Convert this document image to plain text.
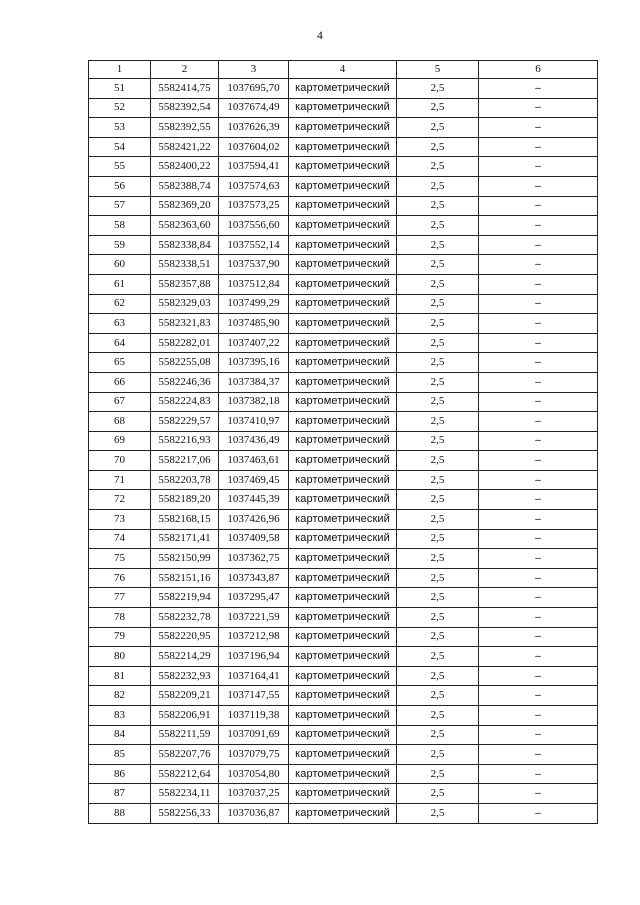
4
1	2	3	4	5	6
51	5582414,75	1037695,70	картометрический	2,5	–
52	5582392,54	1037674,49	картометрический	2,5	–
53	5582392,55	1037626,39	картометрический	2,5	–
54	5582421,22	1037604,02	картометрический	2,5	–
55	5582400,22	1037594,41	картометрический	2,5	–
56	5582388,74	1037574,63	картометрический	2,5	–
57	5582369,20	1037573,25	картометрический	2,5	–
58	5582363,60	1037556,60	картометрический	2,5	–
59	5582338,84	1037552,14	картометрический	2,5	–
60	5582338,51	1037537,90	картометрический	2,5	–
61	5582357,88	1037512,84	картометрический	2,5	–
62	5582329,03	1037499,29	картометрический	2,5	–
63	5582321,83	1037485,90	картометрический	2,5	–
64	5582282,01	1037407,22	картометрический	2,5	–
65	5582255,08	1037395,16	картометрический	2,5	–
66	5582246,36	1037384,37	картометрический	2,5	–
67	5582224,83	1037382,18	картометрический	2,5	–
68	5582229,57	1037410,97	картометрический	2,5	–
69	5582216,93	1037436,49	картометрический	2,5	–
70	5582217,06	1037463,61	картометрический	2,5	–
71	5582203,78	1037469,45	картометрический	2,5	–
72	5582189,20	1037445,39	картометрический	2,5	–
73	5582168,15	1037426,96	картометрический	2,5	–
74	5582171,41	1037409,58	картометрический	2,5	–
75	5582150,99	1037362,75	картометрический	2,5	–
76	5582151,16	1037343,87	картометрический	2,5	–
77	5582219,94	1037295,47	картометрический	2,5	–
78	5582232,78	1037221,59	картометрический	2,5	–
79	5582220,95	1037212,98	картометрический	2,5	–
80	5582214,29	1037196,94	картометрический	2,5	–
81	5582232,93	1037164,41	картометрический	2,5	–
82	5582209,21	1037147,55	картометрический	2,5	–
83	5582206,91	1037119,38	картометрический	2,5	–
84	5582211,59	1037091,69	картометрический	2,5	–
85	5582207,76	1037079,75	картометрический	2,5	–
86	5582212,64	1037054,80	картометрический	2,5	–
87	5582234,11	1037037,25	картометрический	2,5	–
88	5582256,33	1037036,87	картометрический	2,5	–
